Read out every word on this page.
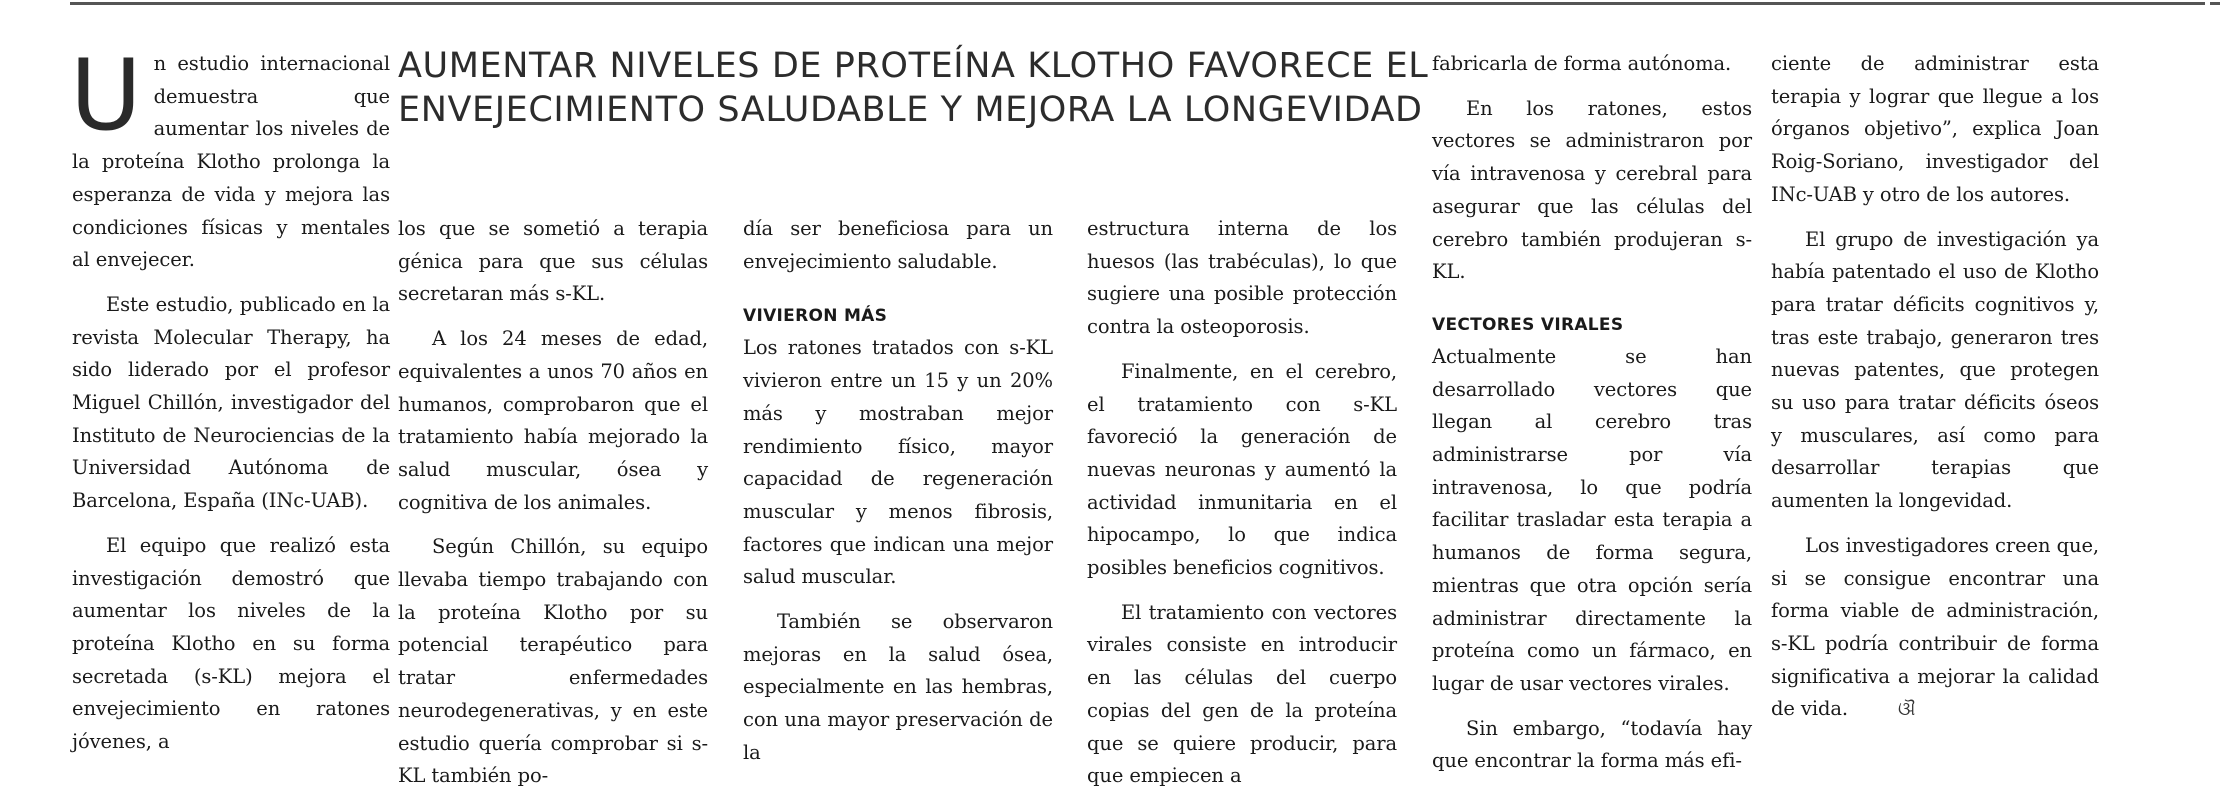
AUMENTAR NIVELES DE PROTEÍNA KLOTHO FAVORECE EL
ENVEJECIMIENTO SALUDABLE Y MEJORA LA LONGEVIDAD

Un estudio internacional demuestra que aumentar los niveles de la proteína Klotho prolonga la esperanza de vida y mejora las condiciones físicas y mentales al envejecer.

Este estudio, publicado en la revista Molecular Therapy, ha sido liderado por el profesor Miguel Chillón, investigador del Instituto de Neurociencias de la Universidad Autónoma de Barcelona, España (INc-UAB).

El equipo que realizó esta investigación demostró que aumentar los niveles de la proteína Klotho en su forma secretada (s-KL) mejora el envejecimiento en ratones jóvenes, a

los que se sometió a terapia génica para que sus células secretaran más s-KL.

A los 24 meses de edad, equivalentes a unos 70 años en humanos, comprobaron que el tratamiento había mejorado la salud muscular, ósea y cognitiva de los animales.

Según Chillón, su equipo llevaba tiempo trabajando con la proteína Klotho por su potencial terapéutico para tratar enfermedades neurodegenerativas, y en este estudio quería comprobar si s-KL también po-

día ser beneficiosa para un envejecimiento saludable.

VIVIERON MÁS

Los ratones tratados con s-KL vivieron entre un 15 y un 20% más y mostraban mejor rendimiento físico, mayor capacidad de regeneración muscular y menos fibrosis, factores que indican una mejor salud muscular.

También se observaron mejoras en la salud ósea, especialmente en las hembras, con una mayor preservación de la

estructura interna de los huesos (las trabéculas), lo que sugiere una posible protección contra la osteoporosis.

Finalmente, en el cerebro, el tratamiento con s-KL favoreció la generación de nuevas neuronas y aumentó la actividad inmunitaria en el hipocampo, lo que indica posibles beneficios cognitivos.

El tratamiento con vectores virales consiste en introducir en las células del cuerpo copias del gen de la proteína que se quiere producir, para que empiecen a

fabricarla de forma autónoma.

En los ratones, estos vectores se administraron por vía intravenosa y cerebral para asegurar que las células del cerebro también produjeran s-KL.

VECTORES VIRALES

Actualmente se han desarrollado vectores que llegan al cerebro tras administrarse por vía intravenosa, lo que podría facilitar trasladar esta terapia a humanos de forma segura, mientras que otra opción sería administrar directamente la proteína como un fármaco, en lugar de usar vectores virales.

Sin embargo, “todavía hay que encontrar la forma más efi-

ciente de administrar esta terapia y lograr que llegue a los órganos objetivo”, explica Joan Roig-Soriano, investigador del INc-UAB y otro de los autores.

El grupo de investigación ya había patentado el uso de Klotho para tratar déficits cognitivos y, tras este trabajo, generaron tres nuevas patentes, que protegen su uso para tratar déficits óseos y musculares, así como para desarrollar terapias que aumenten la longevidad.

Los investigadores creen que, si se consigue encontrar una forma viable de administración, s-KL podría contribuir de forma significativa a mejorar la calidad de vida.	ଔ
